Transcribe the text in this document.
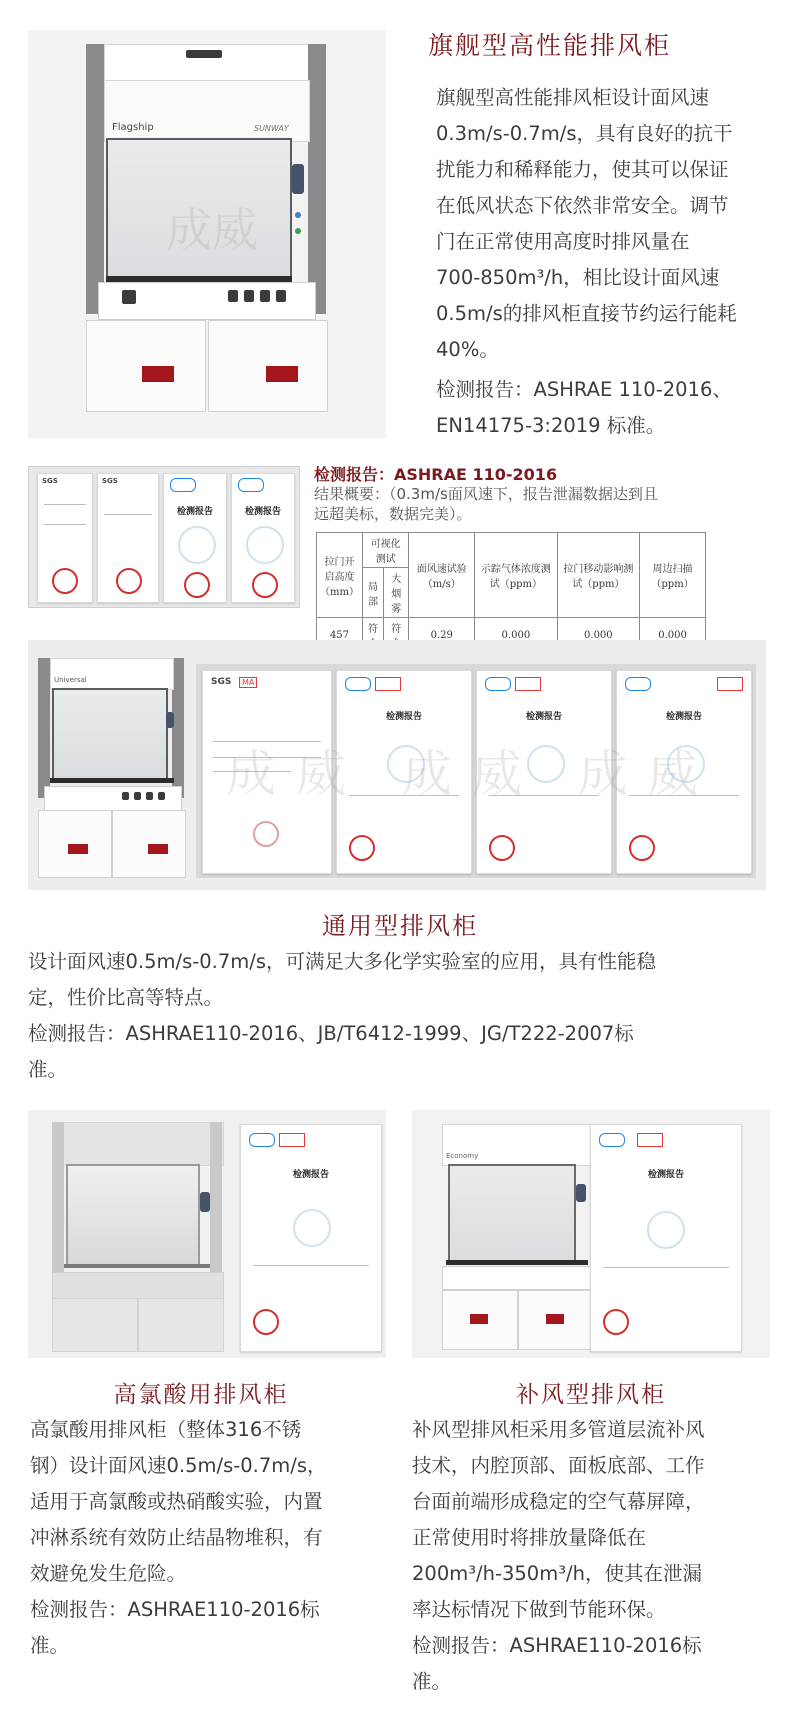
Flagship	SUNWAY
成威
旗舰型高性能排风柜
旗舰型高性能排风柜设计面风速
0.3m/s-0.7m/s，具有良好的抗干
扰能力和稀释能力，使其可以保证
在低风状态下依然非常安全。调节
门在正常使用高度时排风量在
700-850m³/h，相比设计面风速
0.5m/s的排风柜直接节约运行能耗
40%。
检测报告：ASHRAE 110-2016、
EN14175-3:2019 标准。
SGS	SGS
检测报告	检测报告
检测报告：ASHRAE 110-2016
结果概要：（0.3m/s面风速下，报告泄漏数据达到且
远超美标，数据完美）。
拉门开启高度（mm）	可视化测试		面风速试验（m/s）	示踪气体浓度测试（ppm）	拉门移动影响测试（ppm）	周边扫描（ppm）
	局部	大烟雾				
457	符	符	0.29	0.000	0.000	0.000
Universal	SGS	MA
检测报告	检测报告	检测报告
成威 成威 成威
通用型排风柜
设计面风速0.5m/s-0.7m/s，可满足大多化学实验室的应用，具有性能稳
定，性价比高等特点。
检测报告：ASHRAE110-2016、JB/T6412-1999、JG/T222-2007标
准。
检测报告
高氯酸用排风柜
高氯酸用排风柜（整体316不锈
钢）设计面风速0.5m/s-0.7m/s，
适用于高氯酸或热硝酸实验，内置
冲淋系统有效防止结晶物堆积，有
效避免发生危险。
检测报告：ASHRAE110-2016标
准。
Economy
检测报告
补风型排风柜
补风型排风柜采用多管道层流补风
技术，内腔顶部、面板底部、工作
台面前端形成稳定的空气幕屏障，
正常使用时将排放量降低在
200m³/h-350m³/h，使其在泄漏
率达标情况下做到节能环保。
检测报告：ASHRAE110-2016标
准。
